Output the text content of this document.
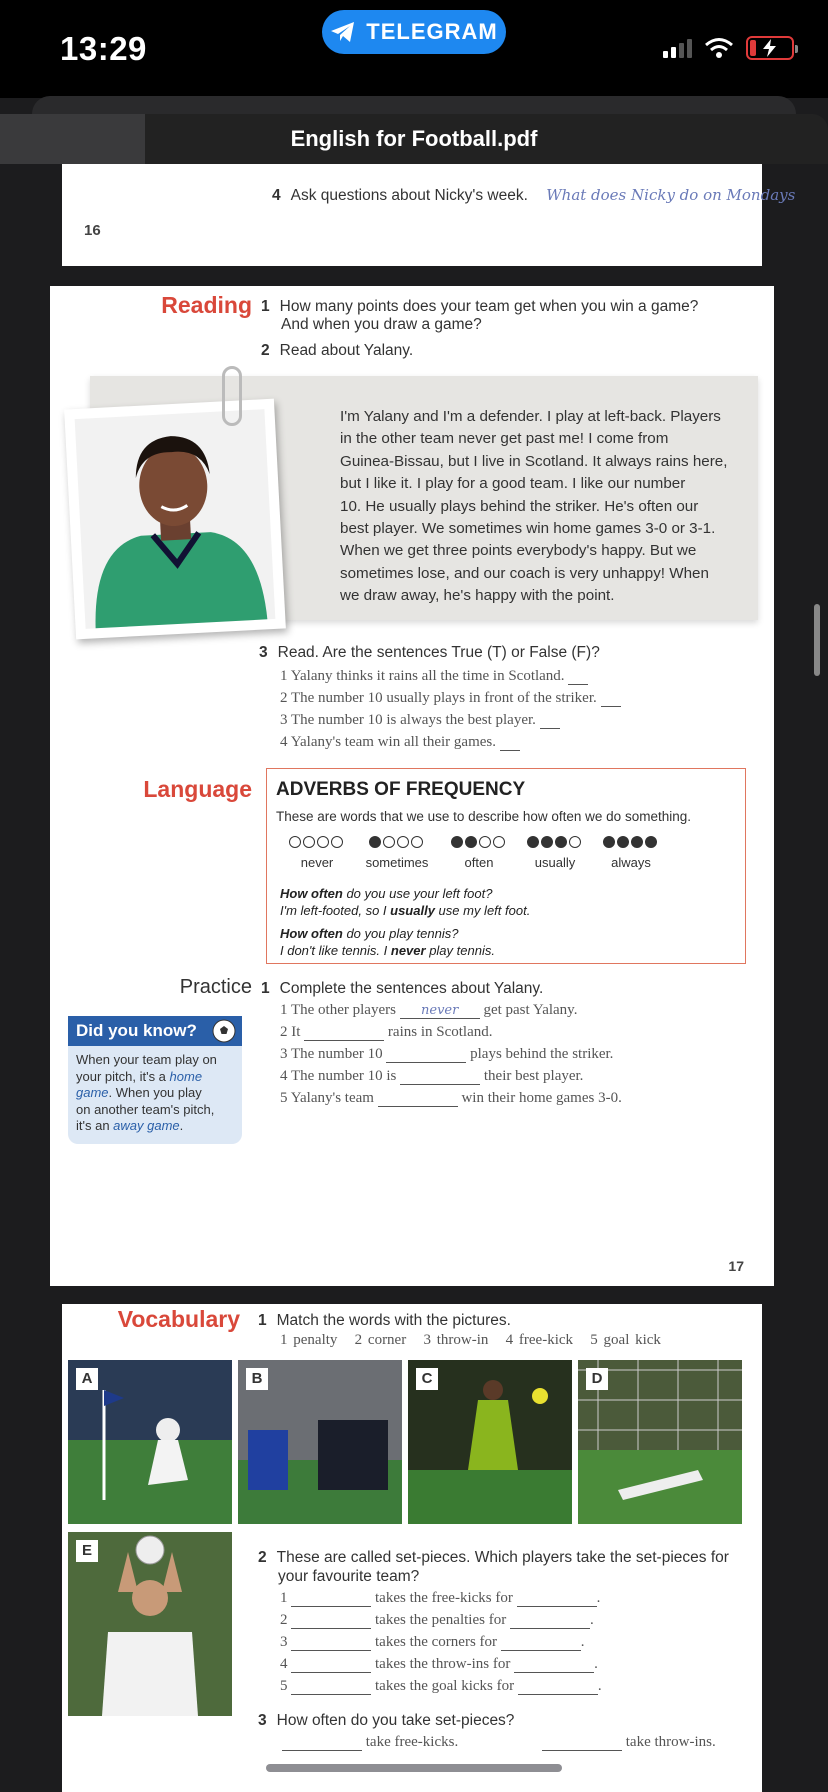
13:29	TELEGRAM
English for Football.pdf
4 Ask questions about Nicky's week. What does Nicky do on Mondays
16
Reading 1 How many points does your team get when you win a game?
And when you draw a game?
2 Read about Yalany.
I'm Yalany and I'm a defender. I play at left-back. Players
in the other team never get past me! I come from
Guinea-Bissau, but I live in Scotland. It always rains here,
but I like it. I play for a good team. I like our number
10. He usually plays behind the striker. He's often our
best player. We sometimes win home games 3-0 or 3-1.
When we get three points everybody's happy. But we
sometimes lose, and our coach is very unhappy! When
we draw away, he's happy with the point.
3 Read. Are the sentences True (T) or False (F)?
1 Yalany thinks it rains all the time in Scotland.
2 The number 10 usually plays in front of the striker.
3 The number 10 is always the best player.
4 Yalany's team win all their games.
Language ADVERBS OF FREQUENCY
These are words that we use to describe how often we do something.
never	sometimes	often	usually	always
How often do you use your left foot?
I'm left-footed, so I usually use my left foot.
How often do you play tennis?
I don't like tennis. I never play tennis.
Practice 1 Complete the sentences about Yalany.
1 The other players never get past Yalany.
2 It	rains in Scotland.
3 The number 10	plays behind the striker.
4 The number 10 is	their best player.
5 Yalany's team	win their home games 3-0.
Did you know?
When your team play on
your pitch, it's a home
game. When you play
on another team's pitch,
it's an away game.
17
Vocabulary 1 Match the words with the pictures.
1 penalty 2 corner 3 throw-in 4 free-kick 5 goal kick
A	B	C	D
E	2 These are called set-pieces. Which players take the set-pieces for
your favourite team?
1	takes the free-kicks for	.
2	takes the penalties for	.
3	takes the corners for	.
4	takes the throw-ins for	.
5	takes the goal kicks for	.
3 How often do you take set-pieces?
take free-kicks.	take throw-ins.
